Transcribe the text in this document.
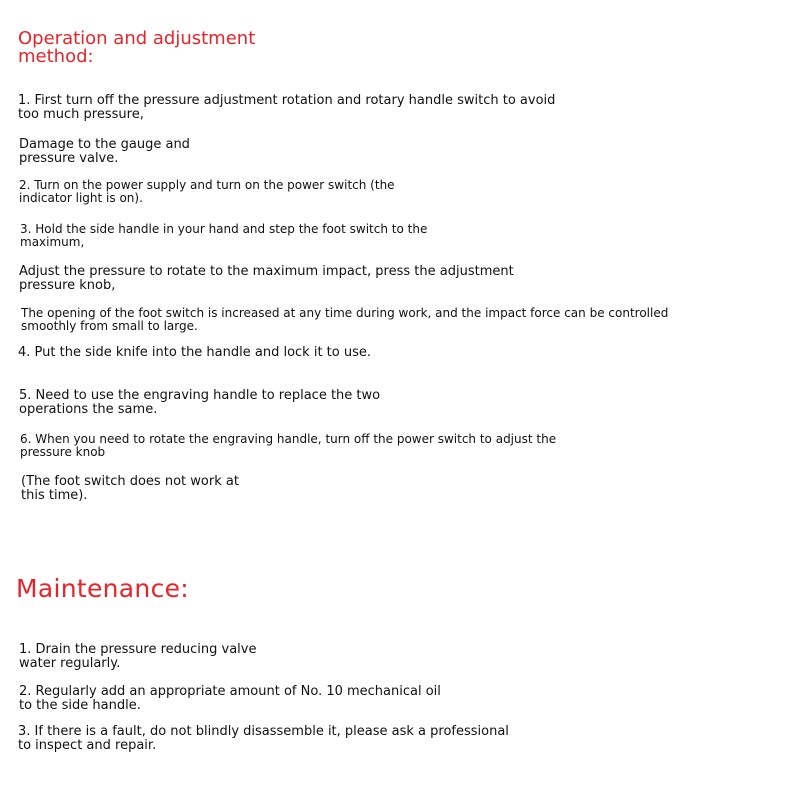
Operation and adjustment
method:

1. First turn off the pressure adjustment rotation and rotary handle switch to avoid
too much pressure,

Damage to the gauge and
pressure valve.

2. Turn on the power supply and turn on the power switch (the
indicator light is on).

3. Hold the side handle in your hand and step the foot switch to the
maximum,

Adjust the pressure to rotate to the maximum impact, press the adjustment
pressure knob,

The opening of the foot switch is increased at any time during work, and the impact force can be controlled
smoothly from small to large.

4. Put the side knife into the handle and lock it to use.

5. Need to use the engraving handle to replace the two
operations the same.

6. When you need to rotate the engraving handle, turn off the power switch to adjust the
pressure knob

(The foot switch does not work at
this time).

Maintenance:

1. Drain the pressure reducing valve
water regularly.

2. Regularly add an appropriate amount of No. 10 mechanical oil
to the side handle.

3. If there is a fault, do not blindly disassemble it, please ask a professional
to inspect and repair.
